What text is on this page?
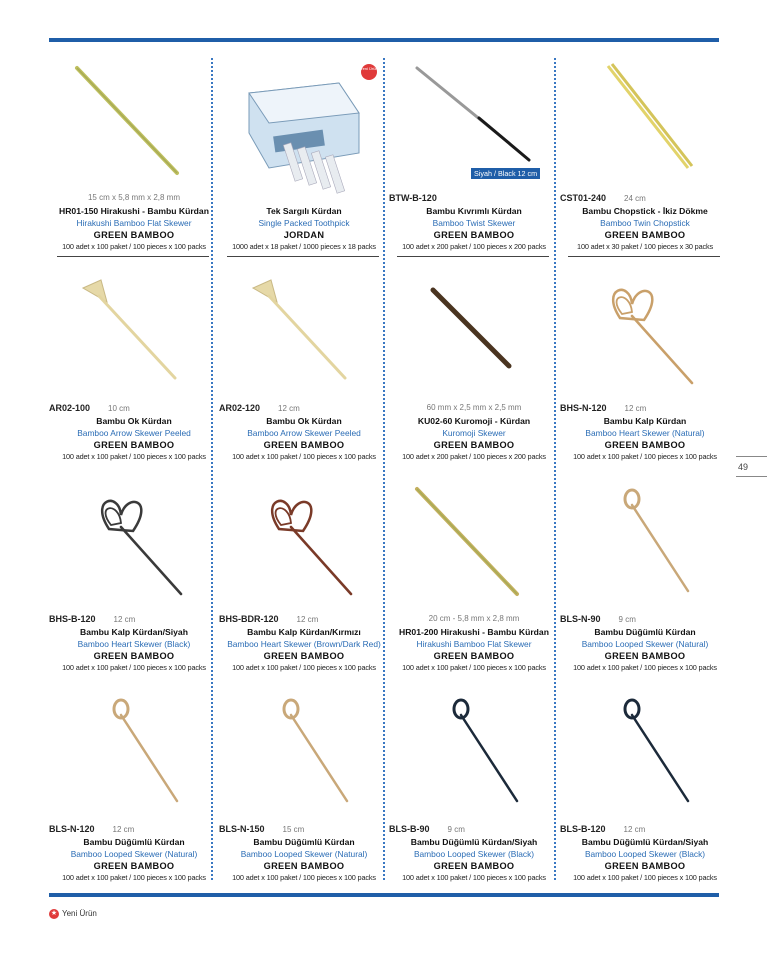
49
15 cm x 5,8 mm x 2,8 mm
HR01-150 Hirakushi - Bambu Kürdan
Hirakushi Bamboo Flat Skewer
GREEN BAMBOO
100 adet x 100 paket / 100 pieces x 100 packs
Tek Sargılı Kürdan
Single Packed Toothpick
JORDAN
1000 adet x 18 paket / 1000 pieces x 18 packs
Yeni Ürün
Siyah / Black 12 cm
BTW-B-120
Bambu Kıvrımlı Kürdan
Bamboo Twist Skewer
GREEN BAMBOO
100 adet x 200 paket / 100 pieces x 200 packs
CST01-240 24 cm
Bambu Chopstick - İkiz Dökme
Bamboo Twin Chopstick
GREEN BAMBOO
100 adet x 30 paket / 100 pieces x 30 packs
AR02-100 10 cm
Bambu Ok Kürdan
Bamboo Arrow Skewer Peeled
GREEN BAMBOO
100 adet x 100 paket / 100 pieces x 100 packs
AR02-120 12 cm
Bambu Ok Kürdan
Bamboo Arrow Skewer Peeled
GREEN BAMBOO
100 adet x 100 paket / 100 pieces x 100 packs
60 mm x 2,5 mm x 2,5 mm
KU02-60 Kuromoji - Kürdan
Kuromoji Skewer
GREEN BAMBOO
100 adet x 200 paket / 100 pieces x 200 packs
BHS-N-120 12 cm
Bambu Kalp Kürdan
Bamboo Heart Skewer (Natural)
GREEN BAMBOO
100 adet x 100 paket / 100 pieces x 100 packs
BHS-B-120 12 cm
Bambu Kalp Kürdan/Siyah
Bamboo Heart Skewer (Black)
GREEN BAMBOO
100 adet x 100 paket / 100 pieces x 100 packs
BHS-BDR-120 12 cm
Bambu Kalp Kürdan/Kırmızı
Bamboo Heart Skewer (Brown/Dark Red)
GREEN BAMBOO
100 adet x 100 paket / 100 pieces x 100 packs
20 cm - 5,8 mm x 2,8 mm
HR01-200 Hirakushi - Bambu Kürdan
Hirakushi Bamboo Flat Skewer
GREEN BAMBOO
100 adet x 100 paket / 100 pieces x 100 packs
BLS-N-90 9 cm
Bambu Düğümlü Kürdan
Bamboo Looped Skewer (Natural)
GREEN BAMBOO
100 adet x 100 paket / 100 pieces x 100 packs
BLS-N-120 12 cm
Bambu Düğümlü Kürdan
Bamboo Looped Skewer (Natural)
GREEN BAMBOO
100 adet x 100 paket / 100 pieces x 100 packs
BLS-N-150 15 cm
Bambu Düğümlü Kürdan
Bamboo Looped Skewer (Natural)
GREEN BAMBOO
100 adet x 100 paket / 100 pieces x 100 packs
BLS-B-90 9 cm
Bambu Düğümlü Kürdan/Siyah
Bamboo Looped Skewer (Black)
GREEN BAMBOO
100 adet x 100 paket / 100 pieces x 100 packs
BLS-B-120 12 cm
Bambu Düğümlü Kürdan/Siyah
Bamboo Looped Skewer (Black)
GREEN BAMBOO
100 adet x 100 paket / 100 pieces x 100 packs
★ Yeni Ürün
